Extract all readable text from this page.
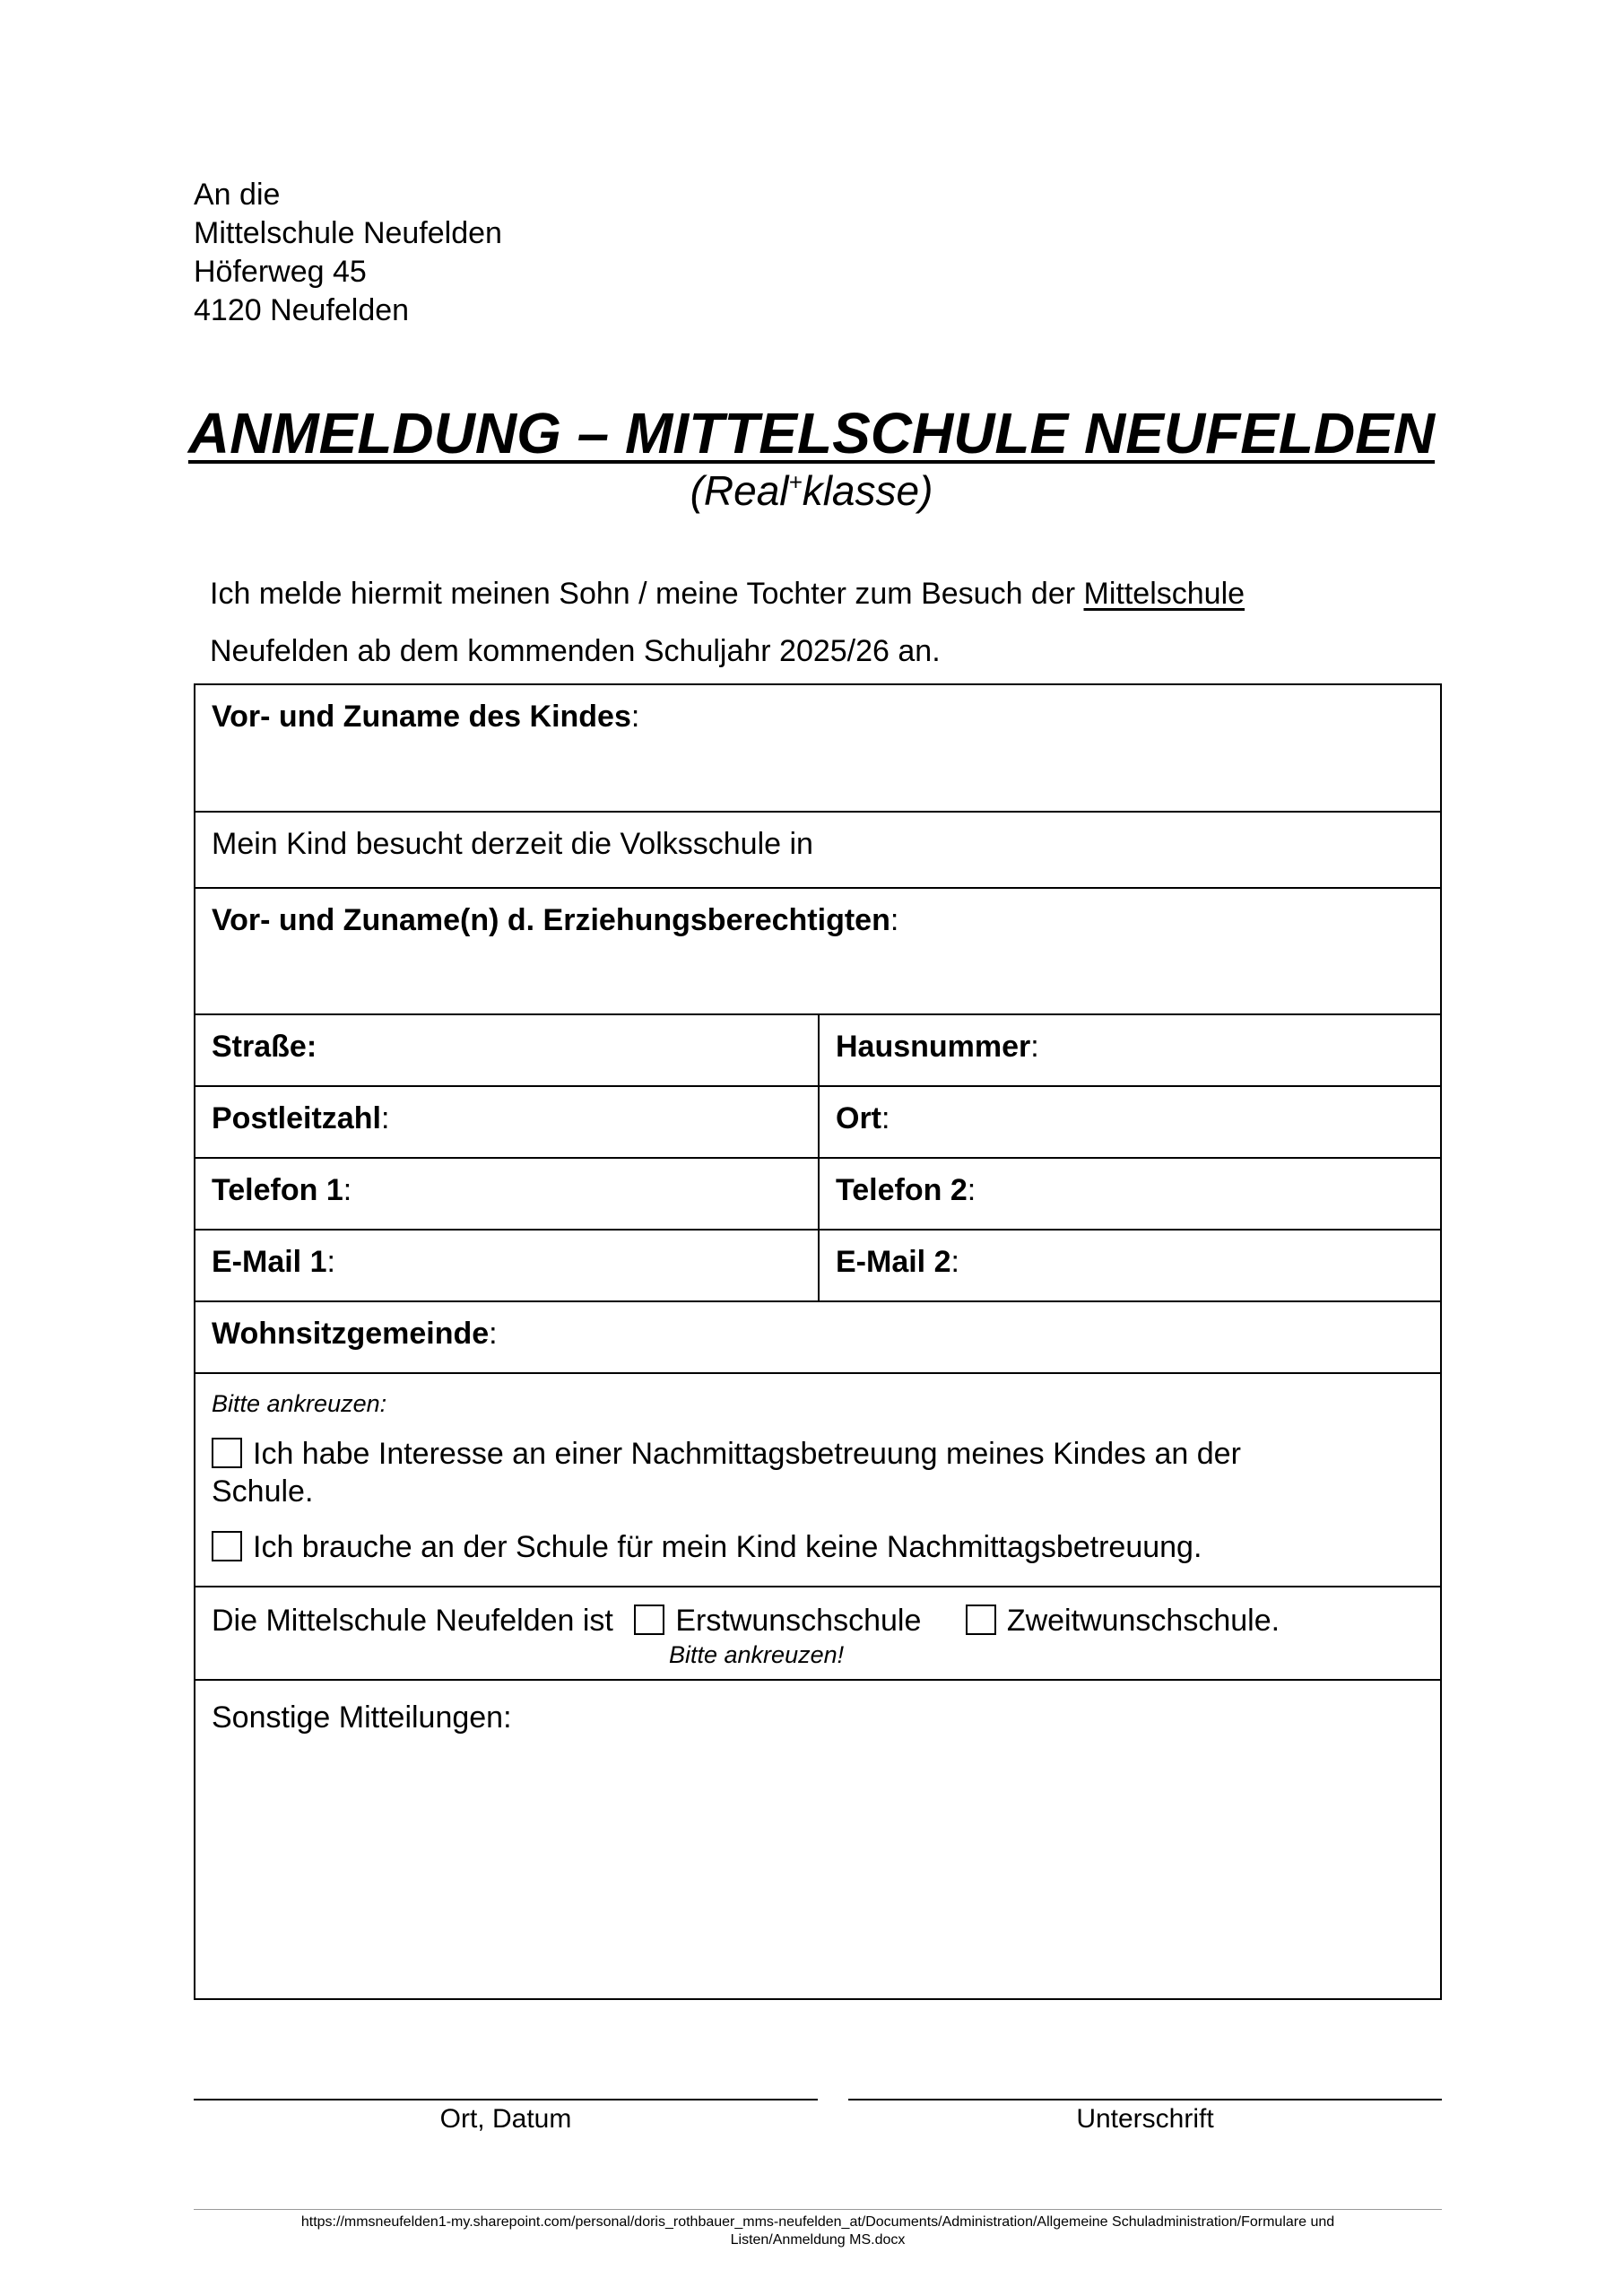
An die
Mittelschule Neufelden
Höferweg 45
4120 Neufelden
ANMELDUNG – MITTELSCHULE NEUFELDEN
(Real+klasse)
Ich melde hiermit meinen Sohn / meine Tochter zum Besuch der Mittelschule
Neufelden ab dem kommenden Schuljahr 2025/26 an.
Vor- und Zuname des Kindes:
Mein Kind besucht derzeit die Volksschule in
Vor- und Zuname(n) d. Erziehungsberechtigten:
Straße:	Hausnummer:
Postleitzahl:	Ort:
Telefon 1:	Telefon 2:
E-Mail 1:	E-Mail 2:
Wohnsitzgemeinde:
Bitte ankreuzen:
Ich habe Interesse an einer Nachmittagsbetreuung meines Kindes an der
Schule.
Ich brauche an der Schule für mein Kind keine Nachmittagsbetreuung.
Die Mittelschule Neufelden ist Erstwunschschule	Zweitwunschschule.
Bitte ankreuzen!
Sonstige Mitteilungen:
Ort, Datum	Unterschrift
https://mmsneufelden1-my.sharepoint.com/personal/doris_rothbauer_mms-neufelden_at/Documents/Administration/Allgemeine Schuladministration/Formulare und
Listen/Anmeldung MS.docx
